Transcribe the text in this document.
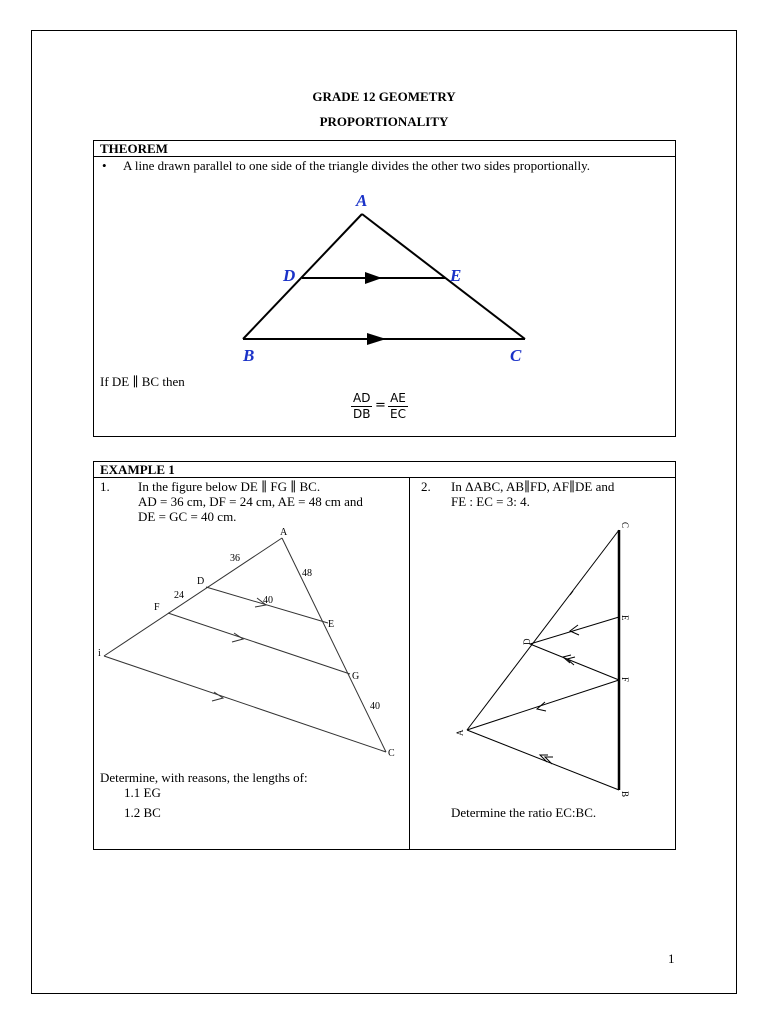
GRADE 12 GEOMETRY
PROPORTIONALITY
THEOREM
• A line drawn parallel to one side of the triangle divides the other two sides proportionally.
A
D	E
B	C
If DE ∥ BC then
$\frac{AD}{DB} = \frac{AE}{EC}$
EXAMPLE 1
1. In the figure below DE ∥ FG ∥ BC.
AD = 36 cm, DF = 24 cm, AE = 48 cm and
DE = GC = 40 cm.
A
D
E
F
G
i
C
36
24
48
40
40
Determine, with reasons, the lengths of:
1.1 EG
1.2 BC
2. In ΔABC, AB∥FD, AF∥DE and
FE : EC = 3: 4.
A
B
C
D
E
F
Determine the ratio EC:BC.
1
